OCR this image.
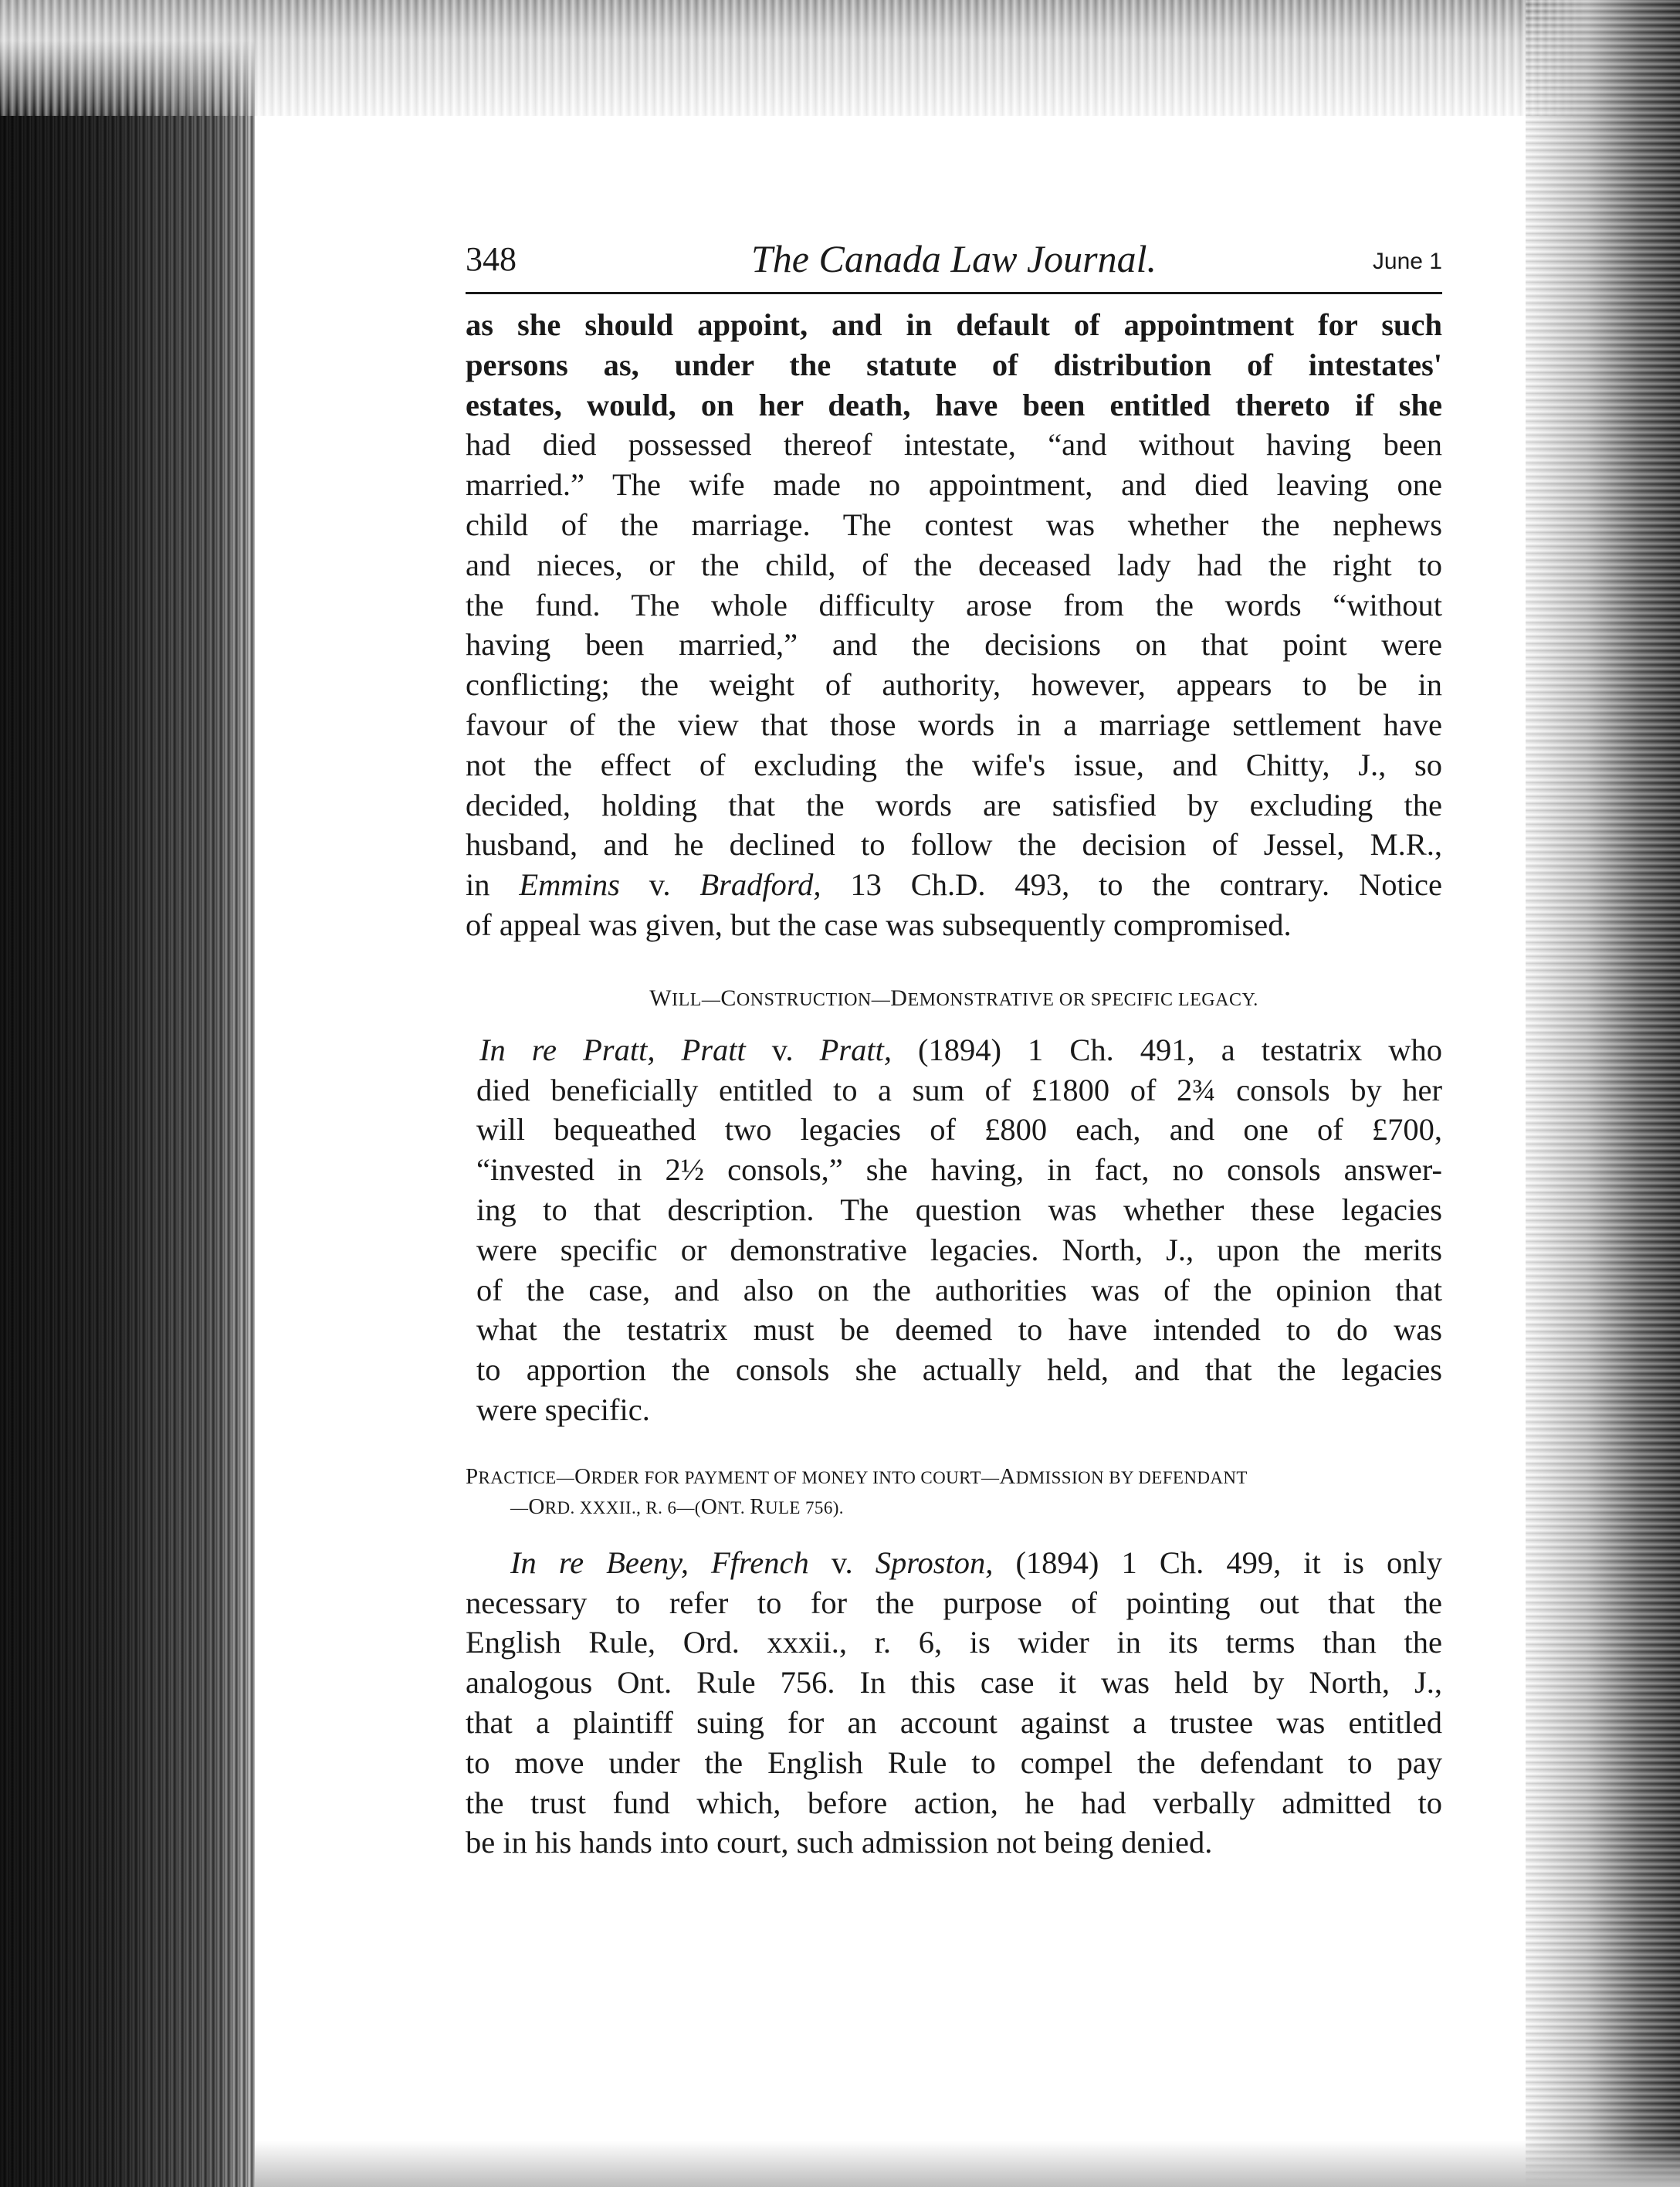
348	The Canada Law Journal.	June 1

as she should appoint, and in default of appointment for such

persons as, under the statute of distribution of intestates'

estates, would, on her death, have been entitled thereto if she

had died possessed thereof intestate, “and without having been

married.” The wife made no appointment, and died leaving one

child of the marriage. The contest was whether the nephews

and nieces, or the child, of the deceased lady had the right to

the fund. The whole difficulty arose from the words “without

having been married,” and the decisions on that point were

conflicting; the weight of authority, however, appears to be in

favour of the view that those words in a marriage settlement have

not the effect of excluding the wife's issue, and Chitty, J., so

decided, holding that the words are satisfied by excluding the

husband, and he declined to follow the decision of Jessel, M.R.,

in Emmins v. Bradford, 13 Ch.D. 493, to the contrary. Notice

of appeal was given, but the case was subsequently compromised.

WILL—CONSTRUCTION—DEMONSTRATIVE OR SPECIFIC LEGACY.

In re Pratt, Pratt v. Pratt, (1894) 1 Ch. 491, a testatrix who

died beneficially entitled to a sum of £1800 of 2¾ consols by her

will bequeathed two legacies of £800 each, and one of £700,

“invested in 2½ consols,” she having, in fact, no consols answer-

ing to that description. The question was whether these legacies

were specific or demonstrative legacies. North, J., upon the merits

of the case, and also on the authorities was of the opinion that

what the testatrix must be deemed to have intended to do was

to apportion the consols she actually held, and that the legacies

were specific.

PRACTICE—ORDER FOR PAYMENT OF MONEY INTO COURT—ADMISSION BY DEFENDANT

—ORD. XXXII., R. 6—(ONT. RULE 756).

In re Beeny, Ffrench v. Sproston, (1894) 1 Ch. 499, it is only

necessary to refer to for the purpose of pointing out that the

English Rule, Ord. xxxii., r. 6, is wider in its terms than the

analogous Ont. Rule 756. In this case it was held by North, J.,

that a plaintiff suing for an account against a trustee was entitled

to move under the English Rule to compel the defendant to pay

the trust fund which, before action, he had verbally admitted to

be in his hands into court, such admission not being denied.
